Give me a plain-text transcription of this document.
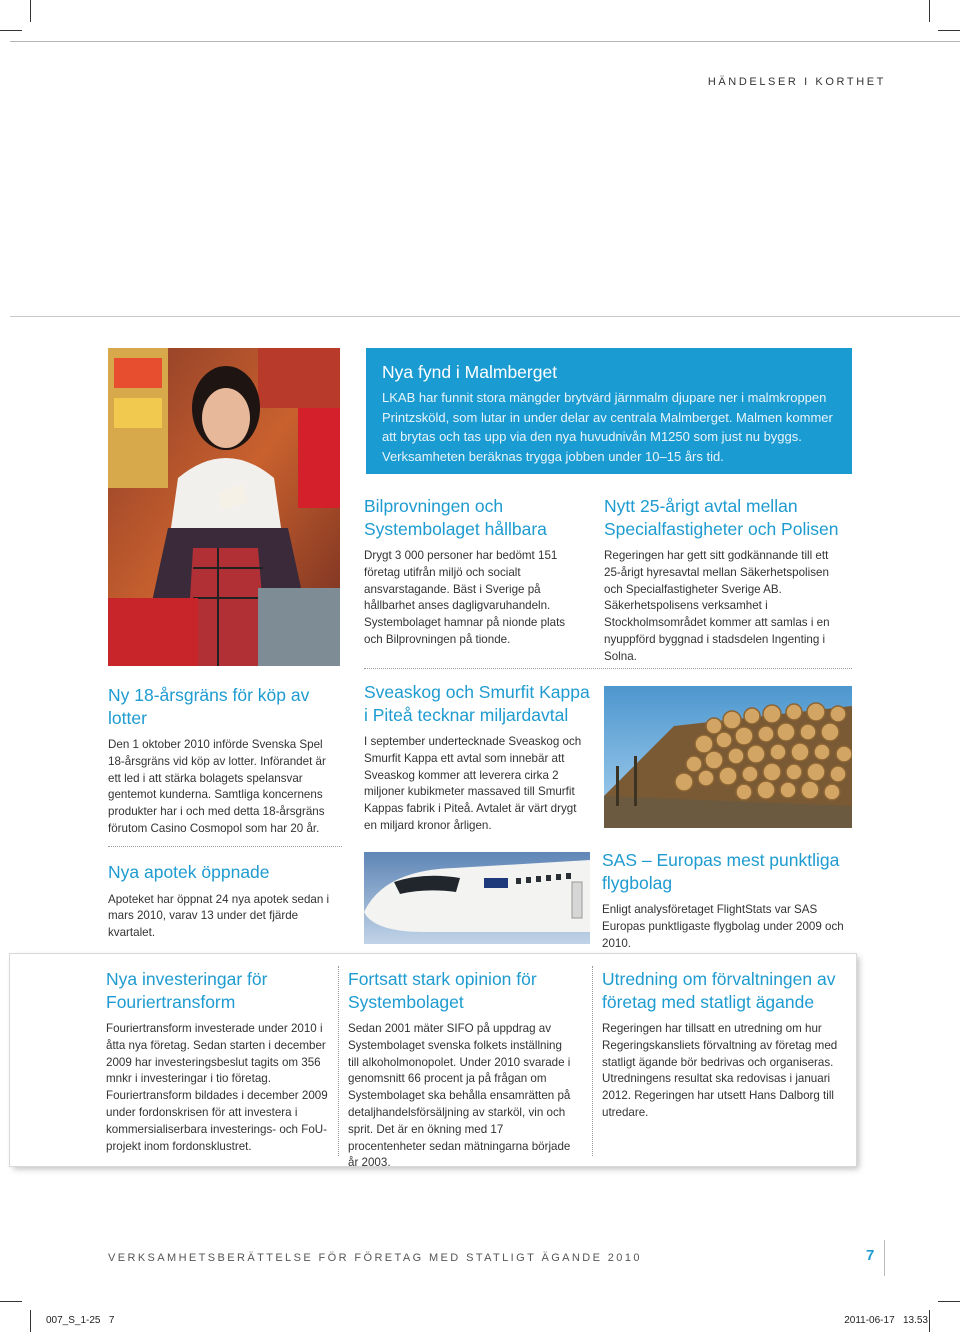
HÄNDELSER I KORTHET
Nya fynd i Malmberget
LKAB har funnit stora mängder brytvärd järnmalm djupare ner i malmkroppen Printzsköld, som lutar in under delar av centrala Malmberget. Malmen kommer att brytas och tas upp via den nya huvudnivån M1250 som just nu byggs. Verksamheten beräknas trygga jobben under 10–15 års tid.
Bilprovningen och Systembolaget hållbara

Drygt 3 000 personer har bedömt 151 företag utifrån miljö och socialt ansvarstagande. Bäst i Sverige på hållbarhet anses dagligvaruhandeln. Systembolaget hamnar på nionde plats och Bilprovningen på tionde.

Nytt 25-årigt avtal mellan Specialfastigheter och Polisen

Regeringen har gett sitt godkännande till ett 25-årigt hyresavtal mellan Säkerhetspolisen och Specialfastigheter Sverige AB. Säkerhetspolisens verksamhet i Stockholmsområdet kommer att samlas i en nyuppförd byggnad i stadsdelen Ingenting i Solna.

Ny 18-årsgräns för köp av lotter

Den 1 oktober 2010 införde Svenska Spel 18-årsgräns vid köp av lotter. Införandet är ett led i att stärka bolagets spelansvar gentemot kunderna. Samtliga koncernens produkter har i och med detta 18-årsgräns förutom Casino Cosmopol som har 20 år.

Sveaskog och Smurfit Kappa i Piteå tecknar miljardavtal

I september undertecknade Sveaskog och Smurfit Kappa ett avtal som innebär att Sveaskog kommer att leverera cirka 2 miljoner kubikmeter massaved till Smurfit Kappas fabrik i Piteå. Avtalet är värt drygt en miljard kronor årligen.

Nya apotek öppnade

Apoteket har öppnat 24 nya apotek sedan i mars 2010, varav 13 under det fjärde kvartalet.

SAS – Europas mest punktliga flygbolag

Enligt analysföretaget FlightStats var SAS Europas punktligaste flygbolag under 2009 och 2010.

Nya investeringar för Fouriertransform

Fouriertransform investerade under 2010 i åtta nya företag. Sedan starten i december 2009 har investeringsbeslut tagits om 356 mnkr i investeringar i tio företag. Fouriertransform bildades i december 2009 under fordonskrisen för att investera i kommersialiserbara investerings- och FoU-projekt inom fordonsklustret.

Fortsatt stark opinion för Systembolaget

Sedan 2001 mäter SIFO på uppdrag av Systembolaget svenska folkets inställning till alkoholmonopolet. Under 2010 svarade i genomsnitt 66 procent ja på frågan om Systembolaget ska behålla ensamrätten på detaljhandelsförsäljning av starköl, vin och sprit. Det är en ökning med 17 procentenheter sedan mätningarna började år 2003.

Utredning om förvaltningen av företag med statligt ägande

Regeringen har tillsatt en utredning om hur Regeringskansliets förvaltning av företag med statligt ägande bör bedrivas och organiseras. Utredningens resultat ska redovisas i januari 2012. Regeringen har utsett Hans Dalborg till utredare.

VERKSAMHETSBERÄTTELSE FÖR FÖRETAG MED STATLIGT ÄGANDE 2010	7
007_S_1-25   7	2011-06-17   13.53
